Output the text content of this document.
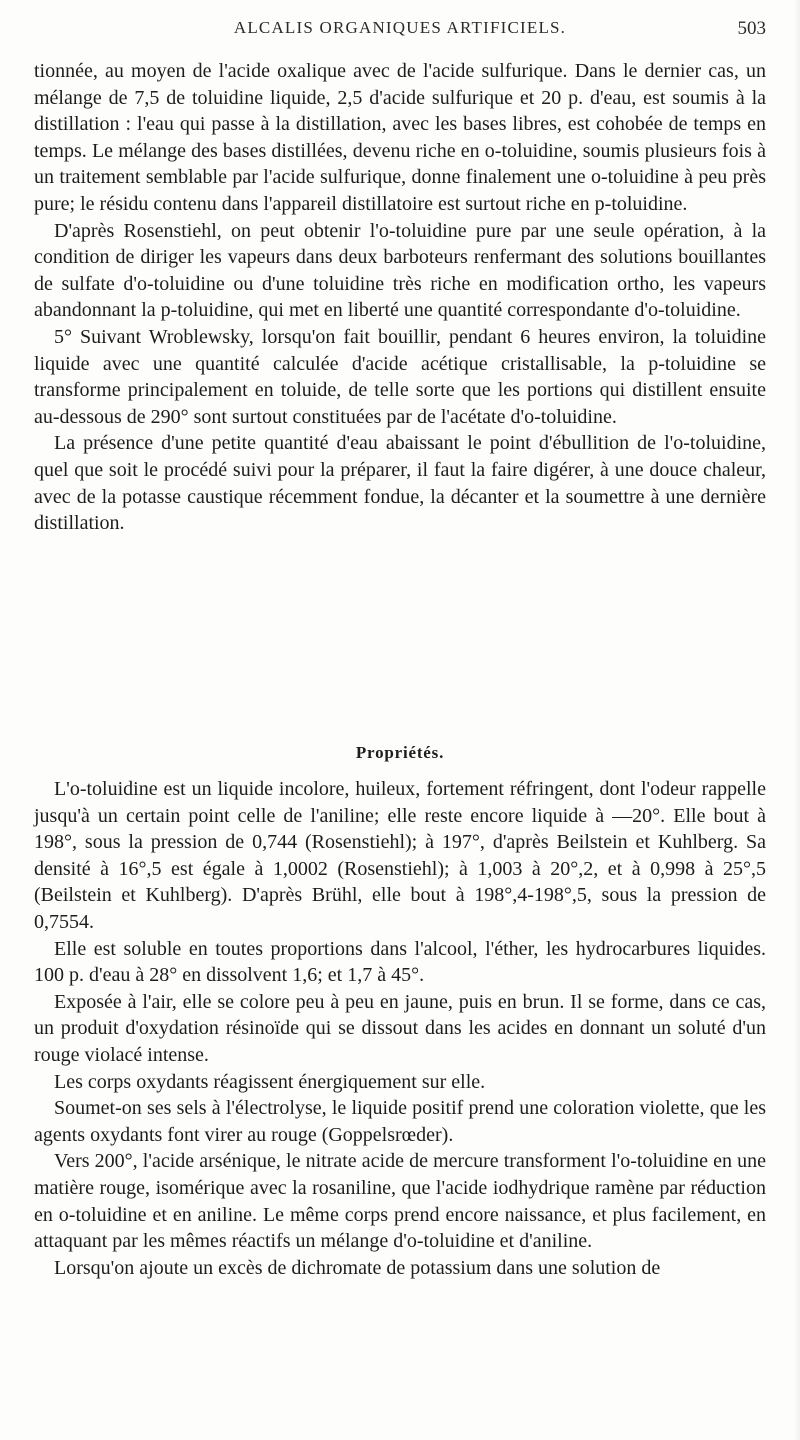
ALCALIS ORGANIQUES ARTIFICIELS.	503

tionnée, au moyen de l'acide oxalique avec de l'acide sulfurique. Dans le dernier cas, un mélange de 7,5 de toluidine liquide, 2,5 d'acide sulfurique et 20 p. d'eau, est soumis à la distillation : l'eau qui passe à la distillation, avec les bases libres, est cohobée de temps en temps. Le mélange des bases distillées, devenu riche en o-toluidine, soumis plusieurs fois à un traitement semblable par l'acide sulfurique, donne finalement une o-toluidine à peu près pure; le résidu contenu dans l'appareil distillatoire est surtout riche en p-toluidine.

D'après Rosenstiehl, on peut obtenir l'o-toluidine pure par une seule opération, à la condition de diriger les vapeurs dans deux barboteurs renfermant des solutions bouillantes de sulfate d'o-toluidine ou d'une toluidine très riche en modification ortho, les vapeurs abandonnant la p-toluidine, qui met en liberté une quantité correspondante d'o-toluidine.

5° Suivant Wroblewsky, lorsqu'on fait bouillir, pendant 6 heures environ, la toluidine liquide avec une quantité calculée d'acide acétique cristallisable, la p-toluidine se transforme principalement en toluide, de telle sorte que les portions qui distillent ensuite au-dessous de 290° sont surtout constituées par de l'acétate d'o-toluidine.

La présence d'une petite quantité d'eau abaissant le point d'ébullition de l'o-toluidine, quel que soit le procédé suivi pour la préparer, il faut la faire digérer, à une douce chaleur, avec de la potasse caustique récemment fondue, la décanter et la soumettre à une dernière distillation.

Propriétés.

L'o-toluidine est un liquide incolore, huileux, fortement réfringent, dont l'odeur rappelle jusqu'à un certain point celle de l'aniline; elle reste encore liquide à —20°. Elle bout à 198°, sous la pression de 0,744 (Rosenstiehl); à 197°, d'après Beilstein et Kuhlberg. Sa densité à 16°,5 est égale à 1,0002 (Rosenstiehl); à 1,003 à 20°,2, et à 0,998 à 25°,5 (Beilstein et Kuhlberg). D'après Brühl, elle bout à 198°,4-198°,5, sous la pression de 0,7554.

Elle est soluble en toutes proportions dans l'alcool, l'éther, les hydrocarbures liquides. 100 p. d'eau à 28° en dissolvent 1,6; et 1,7 à 45°.

Exposée à l'air, elle se colore peu à peu en jaune, puis en brun. Il se forme, dans ce cas, un produit d'oxydation résinoïde qui se dissout dans les acides en donnant un soluté d'un rouge violacé intense.

Les corps oxydants réagissent énergiquement sur elle.

Soumet-on ses sels à l'électrolyse, le liquide positif prend une coloration violette, que les agents oxydants font virer au rouge (Goppelsrœder).

Vers 200°, l'acide arsénique, le nitrate acide de mercure transforment l'o-toluidine en une matière rouge, isomérique avec la rosaniline, que l'acide iodhydrique ramène par réduction en o-toluidine et en aniline. Le même corps prend encore naissance, et plus facilement, en attaquant par les mêmes réactifs un mélange d'o-toluidine et d'aniline.

Lorsqu'on ajoute un excès de dichromate de potassium dans une solution de
